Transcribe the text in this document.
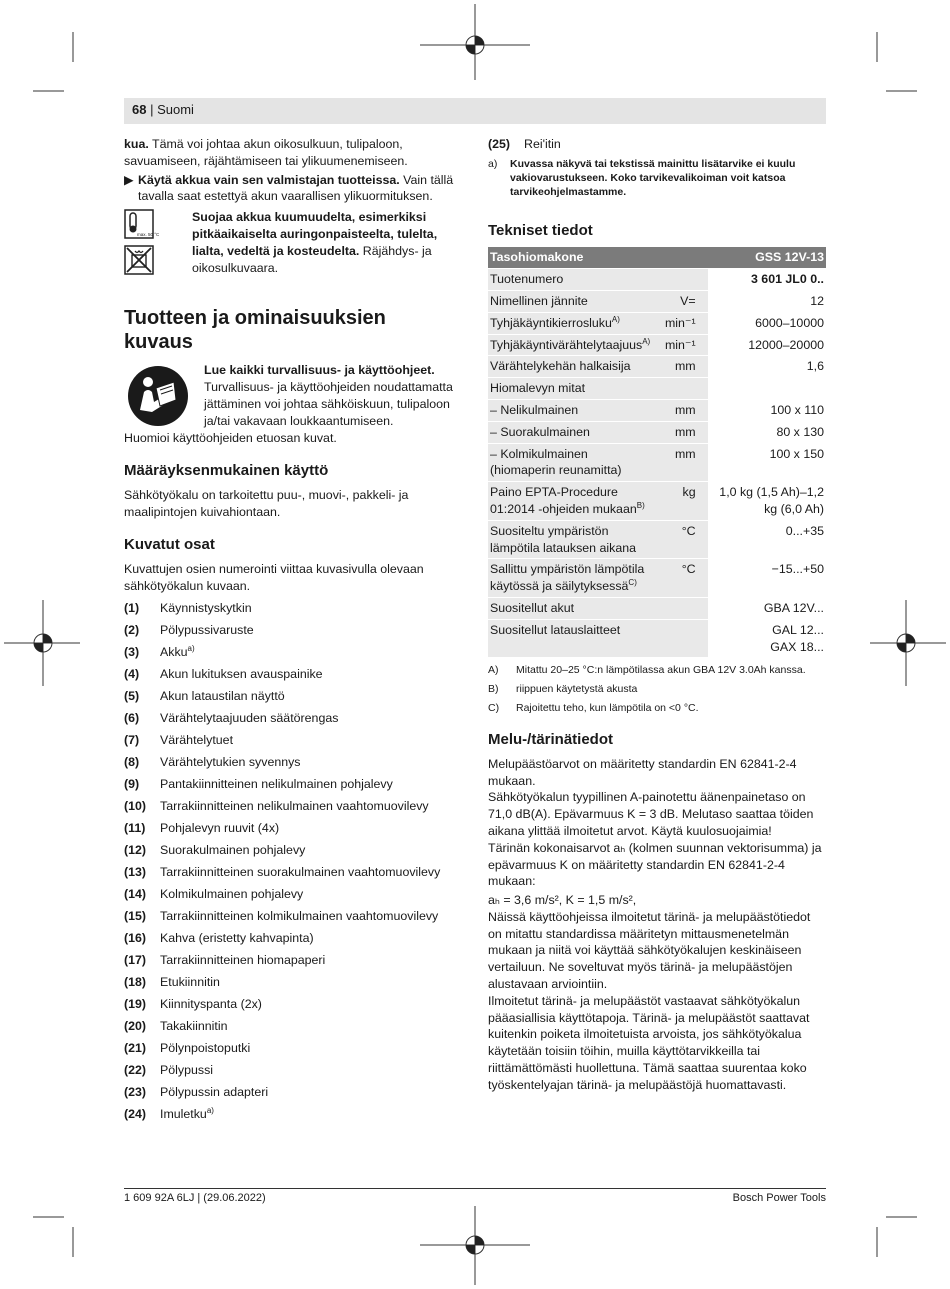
68 | Suomi

kua. Tämä voi johtaa akun oikosulkuun, tulipaloon, savuamiseen, räjähtämiseen tai ylikuumenemiseen.

▶ Käytä akkua vain sen valmistajan tuotteissa. Vain tällä tavalla saat estettyä akun vaarallisen ylikuormituksen.

max. 50 °C

Suojaa akkua kuumuudelta, esimerkiksi pitkäaikaiselta auringonpaisteelta, tulelta, lialta, vedeltä ja kosteudelta. Räjähdys- ja oikosulkuvaara.

Tuotteen ja ominaisuuksien kuvaus

Lue kaikki turvallisuus- ja käyttöohjeet. Turvallisuus- ja käyttöohjeiden noudattamatta jättäminen voi johtaa sähköiskuun, tulipaloon ja/tai vakavaan loukkaantumiseen.

Huomioi käyttöohjeiden etuosan kuvat.

Määräyksenmukainen käyttö

Sähkötyökalu on tarkoitettu puu-, muovi-, pakkeli- ja maalipintojen kuivahiontaan.

Kuvatut osat

Kuvattujen osien numerointi viittaa kuvasivulla olevaan sähkötyökalun kuvaan.

(1)	Käynnistyskytkin
(2)	Pölypussivaruste
(3)	Akku$^{a)}$
(4)	Akun lukituksen avauspainike
(5)	Akun lataustilan näyttö
(6)	Värähtelytaajuuden säätörengas
(7)	Värähtelytuet
(8)	Värähtelytukien syvennys
(9)	Pantakiinnitteinen nelikulmainen pohjalevy
(10)	Tarrakiinnitteinen nelikulmainen vaahtomuovilevy
(11)	Pohjalevyn ruuvit (4x)
(12)	Suorakulmainen pohjalevy
(13)	Tarrakiinnitteinen suorakulmainen vaahtomuovilevy
(14)	Kolmikulmainen pohjalevy
(15)	Tarrakiinnitteinen kolmikulmainen vaahtomuovilevy
(16)	Kahva (eristetty kahvapinta)
(17)	Tarrakiinnitteinen hiomapaperi
(18)	Etukiinnitin
(19)	Kiinnityspanta (2x)
(20)	Takakiinnitin
(21)	Pölynpoistoputki
(22)	Pölypussi
(23)	Pölypussin adapteri
(24)	Imuletku$^{a)}$
(25)	Rei'itin
a)	Kuvassa näkyvä tai tekstissä mainittu lisätarvike ei kuulu vakiovarustukseen. Koko tarvikevalikoiman voit katsoa tarvikeohjelmastamme.
Tekniset tiedot
Tasohiomakone		GSS 12V-13
Tuotenumero		3 601 JL0 0..
Nimellinen jännite	V=	12
Tyhjäkäyntikierrosluku$^{A)}$	min⁻¹	6000–10000
Tyhjäkäyntivärähtelytaajuus$^{A)}$	min⁻¹	12000–20000
Värähtelykehän halkaisija	mm	1,6
Hiomalevyn mitat		
– Nelikulmainen	mm	100 x 110
– Suorakulmainen	mm	80 x 130
– Kolmikulmainen (hiomaperin reunamitta)	mm	100 x 150
Paino EPTA-Procedure 01:2014 -ohjeiden mukaan$^{B)}$	kg	1,0 kg (1,5 Ah)–1,2 kg (6,0 Ah)
Suositeltu ympäristön lämpötila latauksen aikana	°C	0...+35
Sallittu ympäristön lämpötila käytössä ja säilytyksessä$^{C)}$	°C	−15...+50
Suositellut akut		GBA 12V...
Suositellut latauslaitteet		GAL 12...
GAX 18...
A)	Mitattu 20–25 °C:n lämpötilassa akun GBA 12V 3.0Ah kanssa.
B)	riippuen käytetystä akusta
C)	Rajoitettu teho, kun lämpötila on <0 °C.
Melu-/tärinätiedot

Melupäästöarvot on määritetty standardin EN 62841-2-4 mukaan.

Sähkötyökalun tyypillinen A-painotettu äänenpainetaso on 71,0 dB(A). Epävarmuus K = 3 dB. Melutaso saattaa töiden aikana ylittää ilmoitetut arvot. Käytä kuulosuojaimia!

Tärinän kokonaisarvot aₕ (kolmen suunnan vektorisumma) ja epävarmuus K on määritetty standardin EN 62841-2-4 mukaan:

aₕ = 3,6 m/s², K = 1,5 m/s²,

Näissä käyttöohjeissa ilmoitetut tärinä- ja melupäästötiedot on mitattu standardissa määritetyn mittausmenetelmän mukaan ja niitä voi käyttää sähkötyökalujen keskinäiseen vertailuun. Ne soveltuvat myös tärinä- ja melupäästöjen alustavaan arviointiin.

Ilmoitetut tärinä- ja melupäästöt vastaavat sähkötyökalun pääasiallisia käyttötapoja. Tärinä- ja melupäästöt saattavat kuitenkin poiketa ilmoitetuista arvoista, jos sähkötyökalua käytetään toisiin töihin, muilla käyttötarvikkeilla tai riittämättömästi huollettuna. Tämä saattaa suurentaa koko työskentelyajan tärinä- ja melupäästöjä huomattavasti.

1 609 92A 6LJ | (29.06.2022)	Bosch Power Tools
